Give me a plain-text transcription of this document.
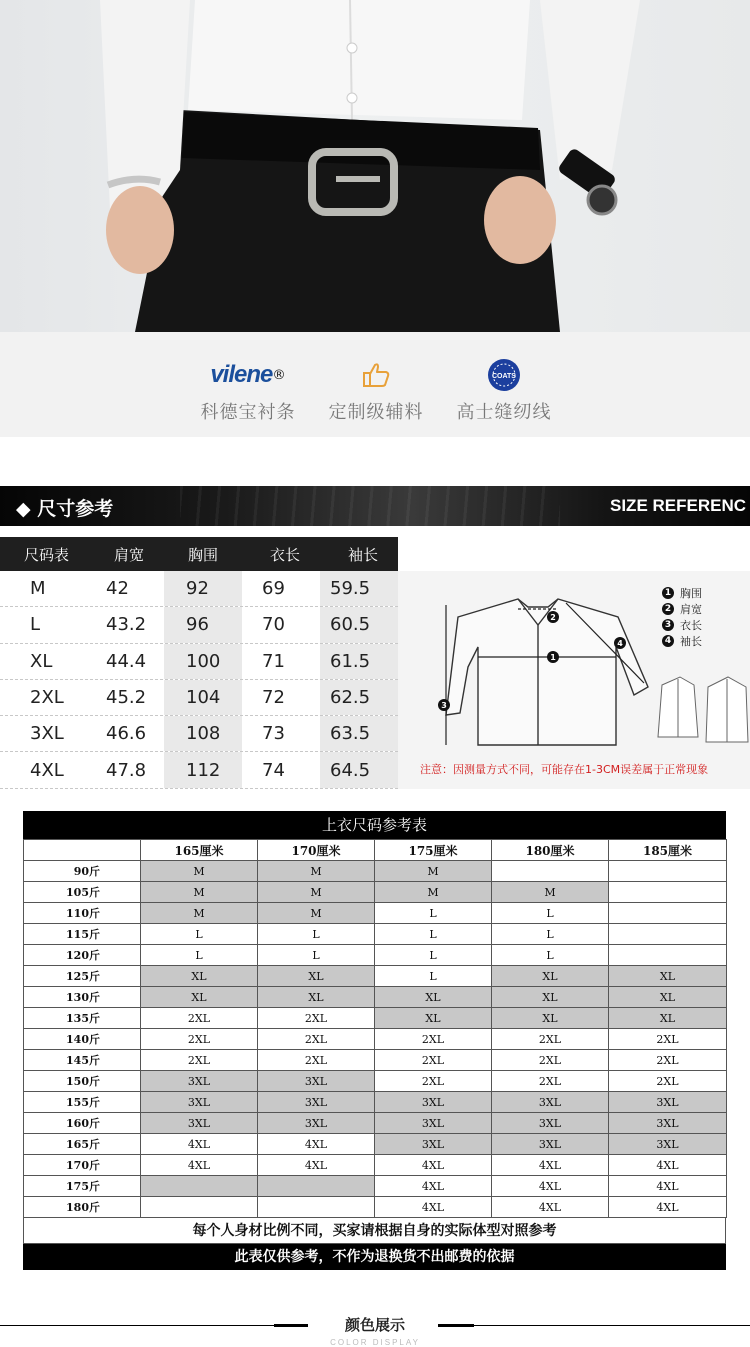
vilene ®
科德宝衬条	定制级辅料
COATS
高士缝纫线
◆ 尺寸参考	SIZE REFERENC
尺码表	肩宽	胸围	衣长	袖长
M	42	92	69	59.5
L	43.2	96	70	60.5
XL	44.4	100	71	61.5
2XL	45.2	104	72	62.5
3XL	46.6	108	73	63.5
4XL	47.8	112	74	64.5
1
2
3
4
1 胸围
2 肩宽
3 衣长
4 袖长
注意：因测量方式不同，可能存在1-3CM误差属于正常现象
上衣尺码参考表
	165厘米	170厘米	175厘米	180厘米	185厘米
90斤	M	M	M		
105斤	M	M	M	M	
110斤	M	M	L	L	
115斤	L	L	L	L	
120斤	L	L	L	L	
125斤	XL	XL	L	XL	XL
130斤	XL	XL	XL	XL	XL
135斤	2XL	2XL	XL	XL	XL
140斤	2XL	2XL	2XL	2XL	2XL
145斤	2XL	2XL	2XL	2XL	2XL
150斤	3XL	3XL	2XL	2XL	2XL
155斤	3XL	3XL	3XL	3XL	3XL
160斤	3XL	3XL	3XL	3XL	3XL
165斤	4XL	4XL	3XL	3XL	3XL
170斤	4XL	4XL	4XL	4XL	4XL
175斤			4XL	4XL	4XL
180斤			4XL	4XL	4XL
每个人身材比例不同，买家请根据自身的实际体型对照参考
此表仅供参考，不作为退换货不出邮费的依据
颜色展示
COLOR DISPLAY
